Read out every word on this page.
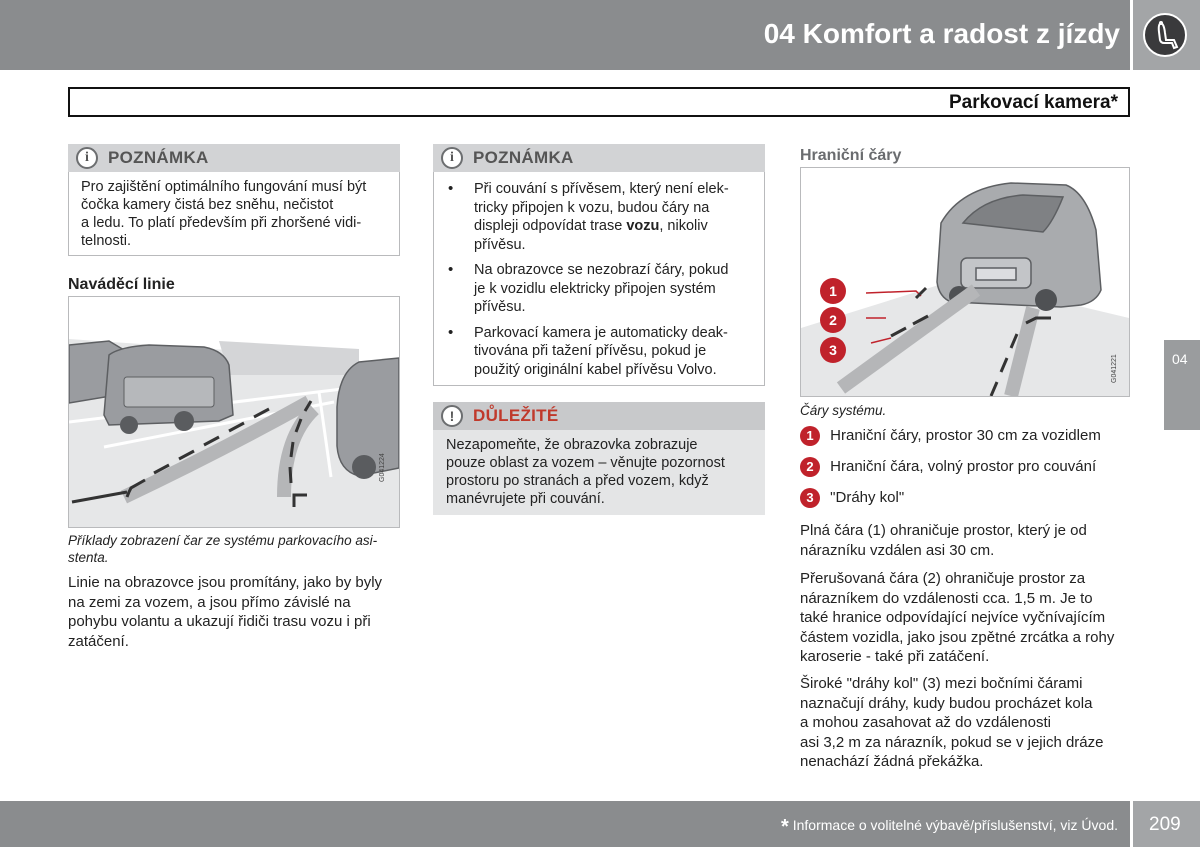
04 Komfort a radost z jízdy
Parkovací kamera*
04
i	POZNÁMKA
Pro zajištění optimálního fungování musí být
čočka kamery čistá bez sněhu, nečistot
a ledu. To platí především při zhoršené vidi-
telnosti.
Naváděcí linie
G041224
Příklady zobrazení čar ze systému parkovacího asi-
stenta.
Linie na obrazovce jsou promítány, jako by byly
na zemi za vozem, a jsou přímo závislé na
pohybu volantu a ukazují řidiči trasu vozu i při
zatáčení.
i	POZNÁMKA
• Při couvání s přívěsem, který není elek-
tricky připojen k vozu, budou čáry na
displeji odpovídat trase vozu, nikoliv
přívěsu.
• Na obrazovce se nezobrazí čáry, pokud
je k vozidlu elektricky připojen systém
přívěsu.
• Parkovací kamera je automaticky deak-
tivována při tažení přívěsu, pokud je
použitý originální kabel přívěsu Volvo.
!	DŮLEŽITÉ
Nezapomeňte, že obrazovka zobrazuje
pouze oblast za vozem – věnujte pozornost
prostoru po stranách a před vozem, když
manévrujete při couvání.
Hraniční čáry
1
2
3
G041221
Čáry systému.
1 Hraniční čáry, prostor 30 cm za vozidlem
2 Hraniční čára, volný prostor pro couvání
3 "Dráhy kol"
Plná čára (1) ohraničuje prostor, který je od
nárazníku vzdálen asi 30 cm.
Přerušovaná čára (2) ohraničuje prostor za
nárazníkem do vzdálenosti cca. 1,5 m. Je to
také hranice odpovídající nejvíce vyčnívajícím
částem vozidla, jako jsou zpětné zrcátka a rohy
karoserie - také při zatáčení.
Široké "dráhy kol" (3) mezi bočními čárami
naznačují dráhy, kudy budou procházet kola
a mohou zasahovat až do vzdálenosti
asi 3,2 m za nárazník, pokud se v jejich dráze
nenachází žádná překážka.
* Informace o volitelné výbavě/příslušenství, viz Úvod. 209
